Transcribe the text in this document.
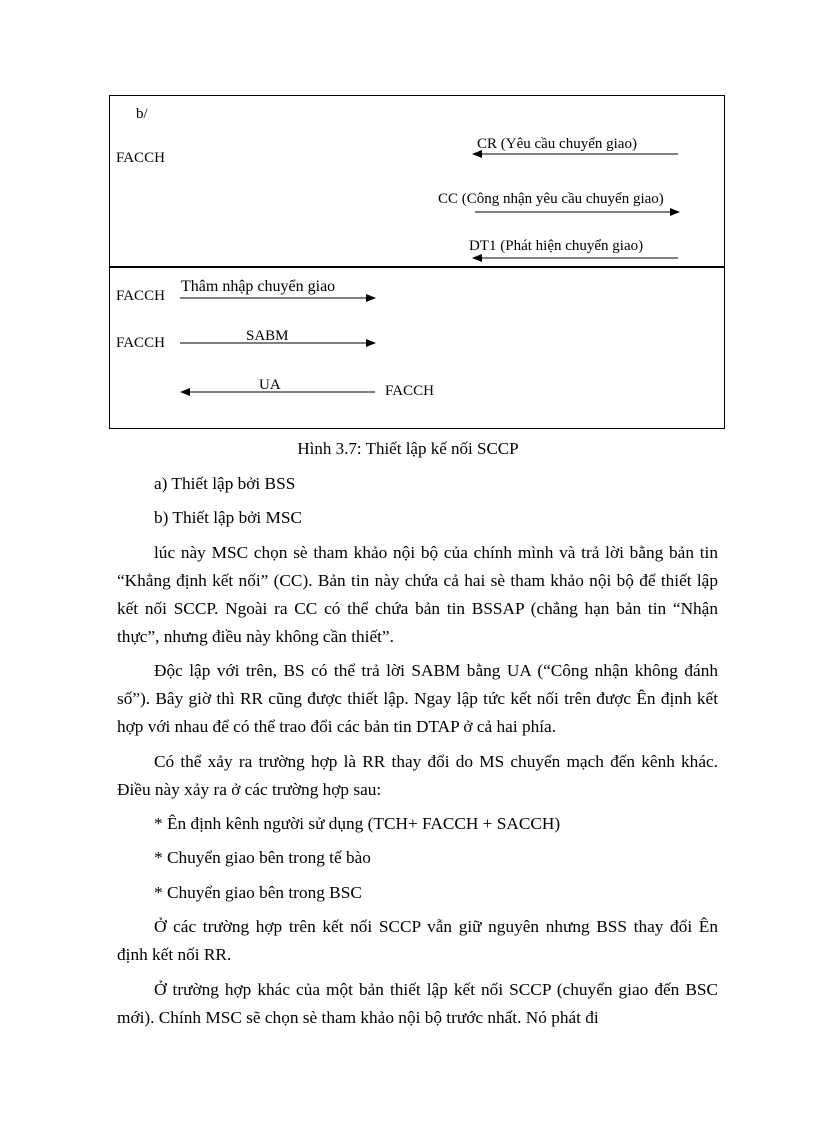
b/
FACCH
CR (Yêu cầu chuyển giao)
CC (Công nhận yêu cầu chuyển giao)
DT1 (Phát hiện chuyển giao)
FACCH
Thâm nhập chuyển giao
FACCH	SABM
UA	FACCH
Hình 3.7: Thiết lập kế nối SCCP

a) Thiết lập bởi BSS

b) Thiết lập bởi MSC

lúc này MSC chọn sè tham khảo nội bộ của chính mình và trả lời bằng bản tin “Khẳng định kết nối” (CC). Bản tin này chứa cả hai sè tham khảo nội bộ để thiết lập kết nối SCCP. Ngoài ra CC có thể chứa bản tin BSSAP (chẳng hạn bản tin “Nhận thực”, nhưng điều này không cần thiết”.

Độc lập với trên, BS có thể trả lời SABM bằng UA (“Công nhận không đánh số”). Bây giờ thì RR cũng được thiết lập. Ngay lập tức kết nối trên được Ên định kết hợp với nhau để có thể trao đổi các bản tin DTAP ở cả hai phía.

Có thể xảy ra trường hợp là RR thay đổi do MS chuyển mạch đến kênh khác. Điều này xảy ra ở các trường hợp sau:

* Ên định kênh người sử dụng (TCH+ FACCH + SACCH)

* Chuyển giao bên trong tế bào

* Chuyển giao bên trong BSC

Ở các trường hợp trên kết nối SCCP vẫn giữ nguyên nhưng BSS thay đổi Ên định kết nối RR.

Ở trường hợp khác của một bản thiết lập kết nối SCCP (chuyển giao đến BSC mới). Chính MSC sẽ chọn sè tham khảo nội bộ trước nhất. Nó phát đi
